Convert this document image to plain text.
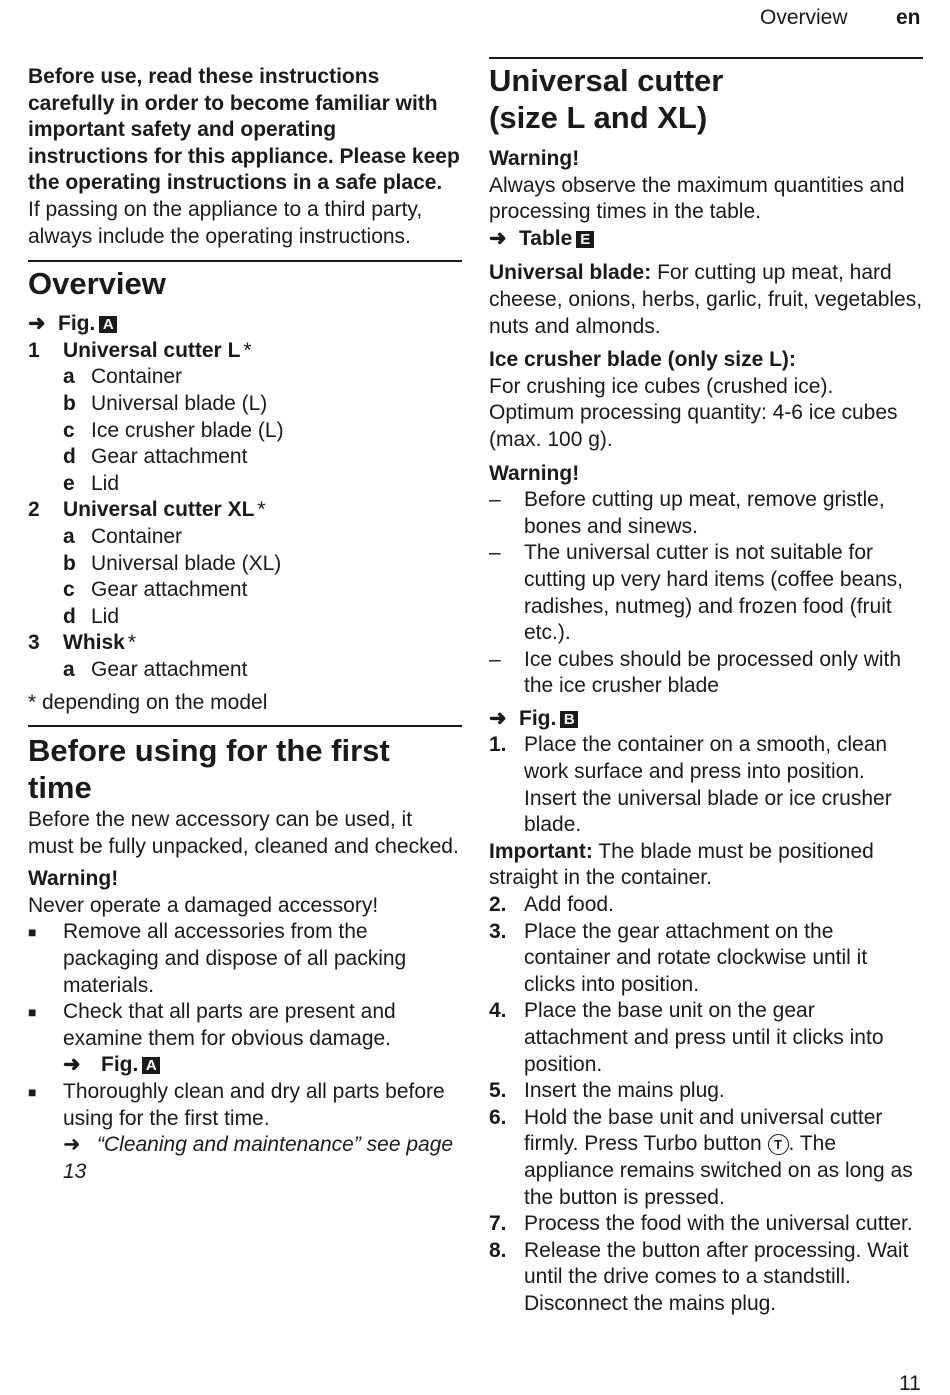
Overview en

Before use, read these instructions carefully in order to become familiar with important safety and operating instructions for this appliance. Please keep the operating instructions in a safe place.

If passing on the appliance to a third party, always include the operating instructions.

Overview
➜ Fig. A
1	Universal cutter L *
a Container
b Universal blade (L)
c Ice crusher blade (L)
d Gear attachment
e Lid
2	Universal cutter XL *
a Container
b Universal blade (XL)
c Gear attachment
d Lid
3	Whisk *
a Gear attachment

* depending on the model

Before using for the first
time

Before the new accessory can be used, it must be fully unpacked, cleaned and checked.

Warning!

Never operate a damaged accessory!

■	Remove all accessories from the packaging and dispose of all packing materials.
■	Check that all parts are present and examine them for obvious damage.
➜ Fig. A
■	Thoroughly clean and dry all parts before using for the first time.
➜ “Cleaning and maintenance” see page 13
Universal cutter
(size L and XL)

Warning!

Always observe the maximum quantities and processing times in the table.

➜ Table E

Universal blade: For cutting up meat, hard cheese, onions, herbs, garlic, fruit, vegetables, nuts and almonds.

Ice crusher blade (only size L):

For crushing ice cubes (crushed ice). Optimum processing quantity: 4-6 ice cubes (max. 100 g).

Warning!

–	Before cutting up meat, remove gristle, bones and sinews.
–	The universal cutter is not suitable for cutting up very hard items (coffee beans, radishes, nutmeg) and frozen food (fruit etc.).
–	Ice cubes should be processed only with the ice crusher blade
➜ Fig. B
1. Place the container on a smooth, clean work surface and press into position. Insert the universal blade or ice crusher blade.

Important: The blade must be positioned straight in the container.

2. Add food.
3. Place the gear attachment on the container and rotate clockwise until it clicks into position.
4. Place the base unit on the gear attachment and press until it clicks into position.
5. Insert the mains plug.
6. Hold the base unit and universal cutter firmly. Press Turbo button T . The appliance remains switched on as long as the button is pressed.
7. Process the food with the universal cutter.
8. Release the button after processing. Wait until the drive comes to a standstill. Disconnect the mains plug.
11
